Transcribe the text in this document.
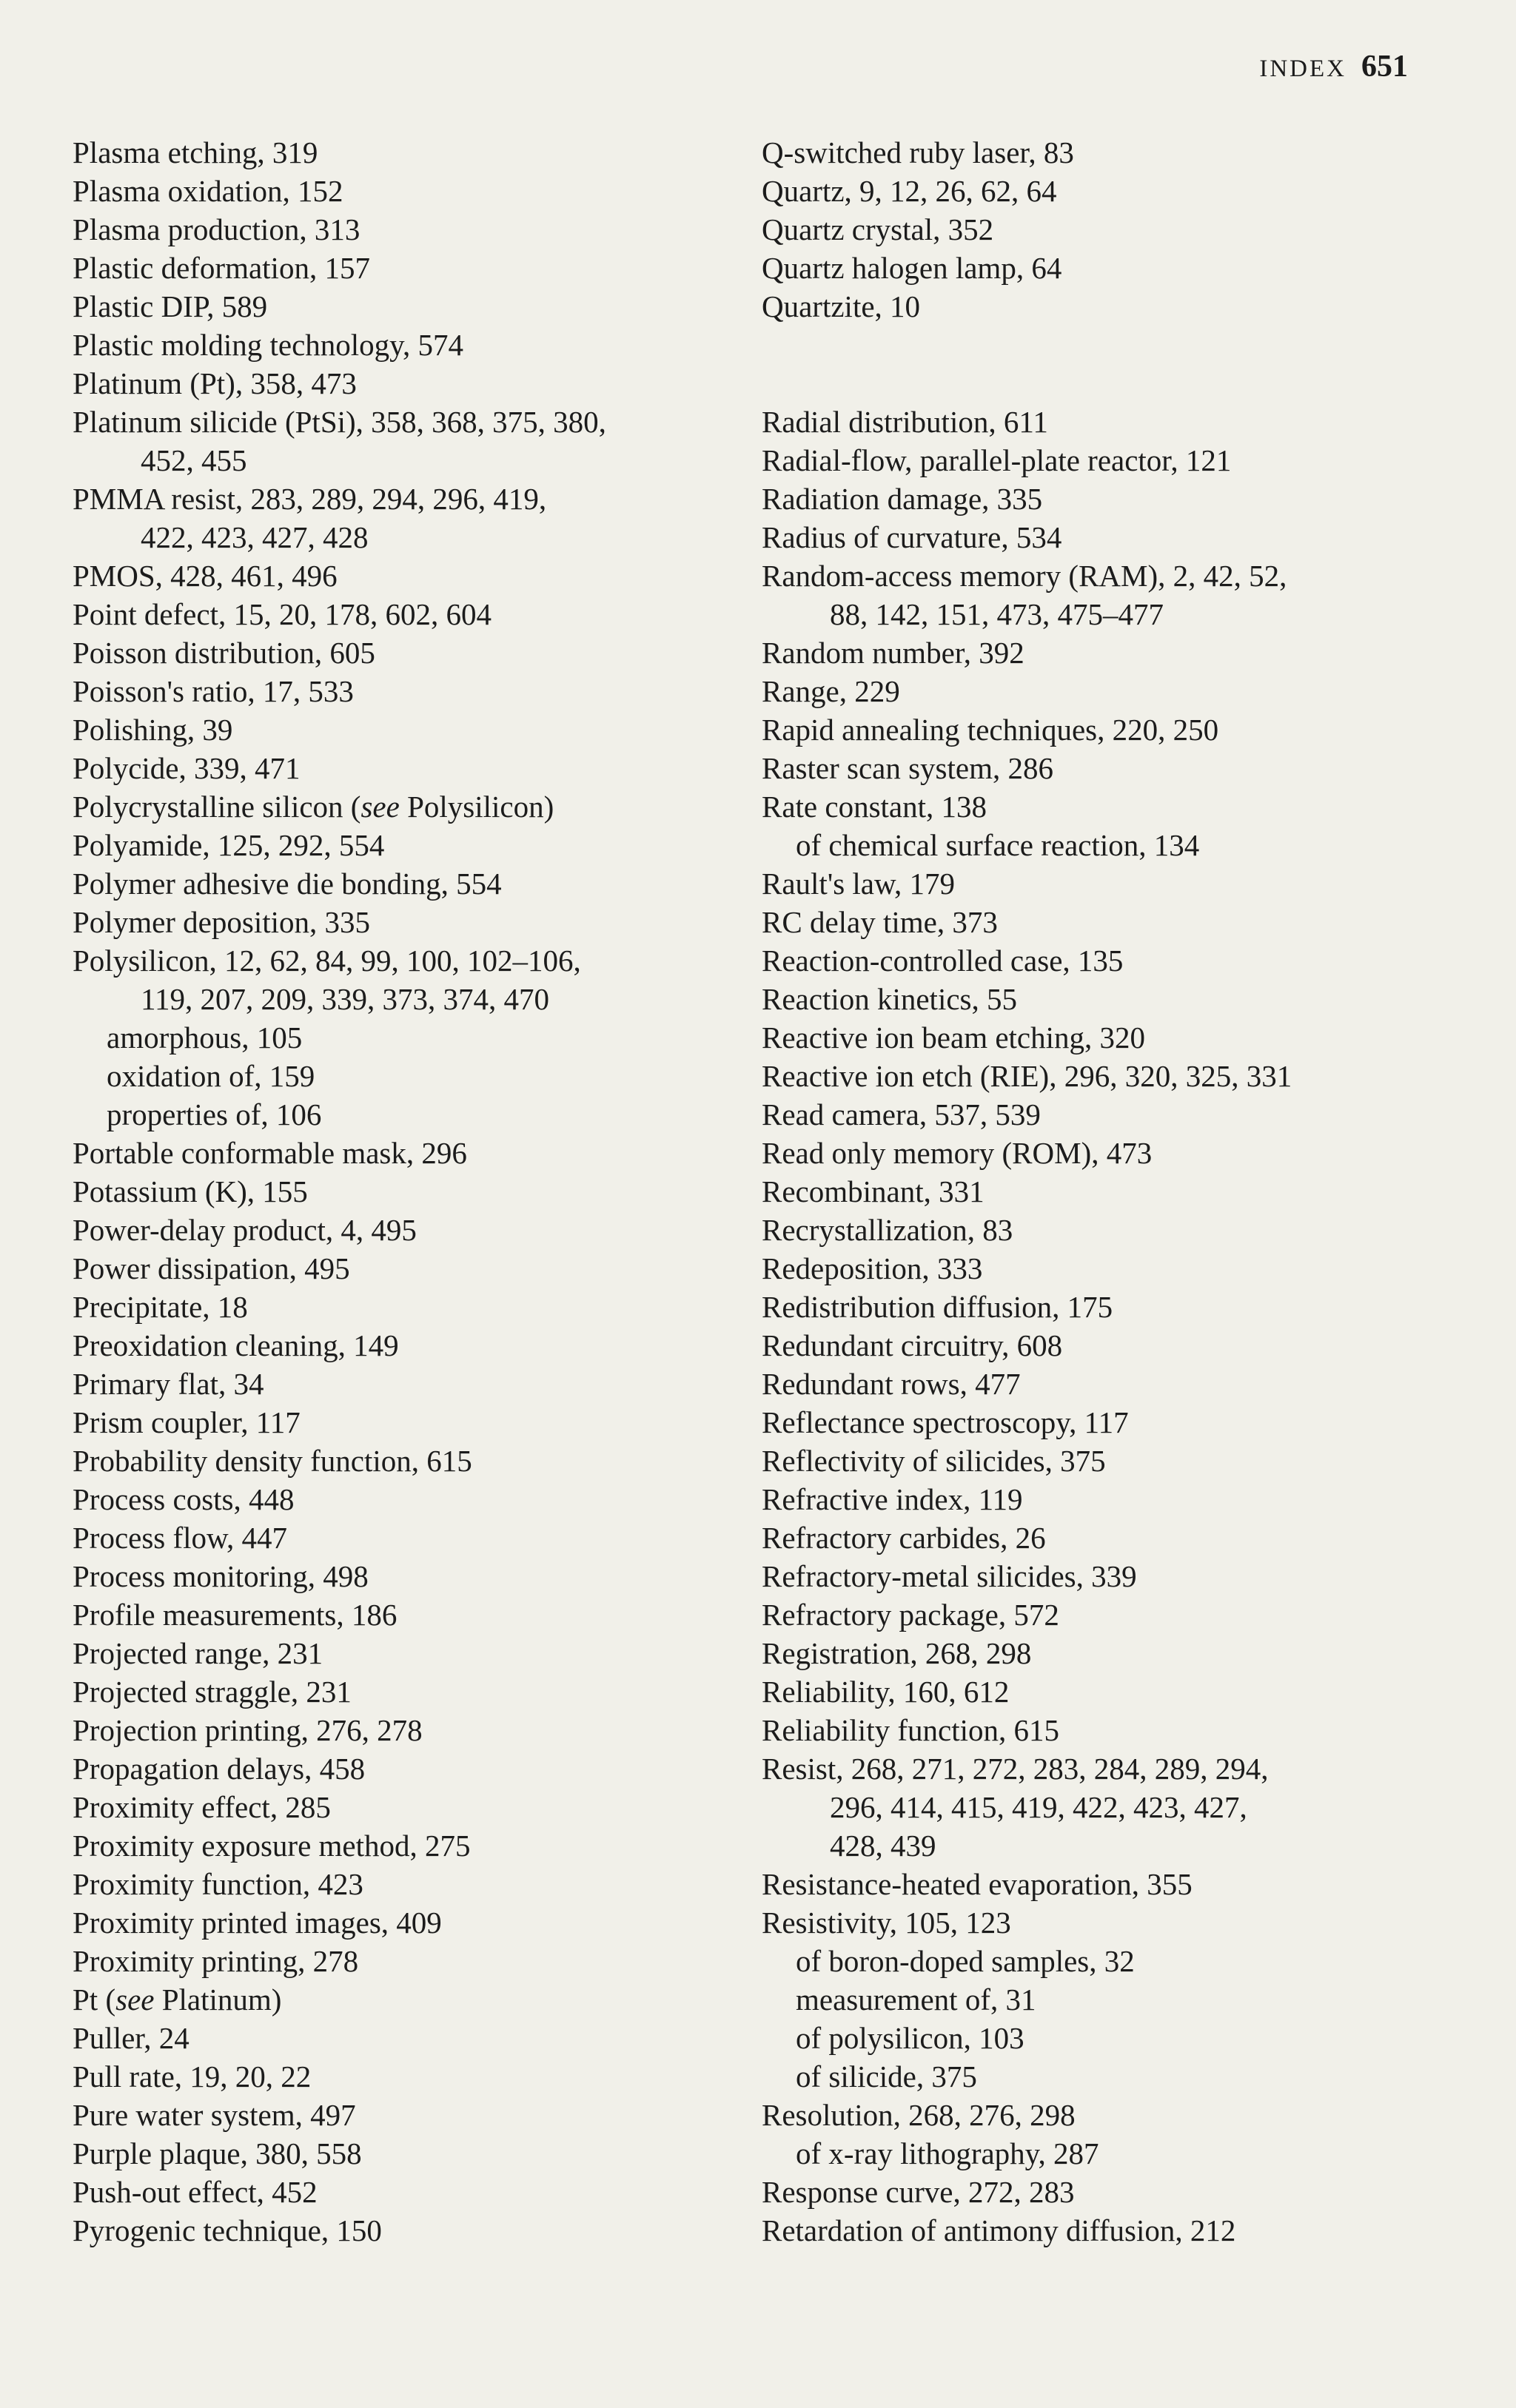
INDEX 651
Plasma etching, 319
Plasma oxidation, 152
Plasma production, 313
Plastic deformation, 157
Plastic DIP, 589
Plastic molding technology, 574
Platinum (Pt), 358, 473
Platinum silicide (PtSi), 358, 368, 375, 380,
452, 455
PMMA resist, 283, 289, 294, 296, 419,
422, 423, 427, 428
PMOS, 428, 461, 496
Point defect, 15, 20, 178, 602, 604
Poisson distribution, 605
Poisson's ratio, 17, 533
Polishing, 39
Polycide, 339, 471
Polycrystalline silicon (see Polysilicon)
Polyamide, 125, 292, 554
Polymer adhesive die bonding, 554
Polymer deposition, 335
Polysilicon, 12, 62, 84, 99, 100, 102–106,
119, 207, 209, 339, 373, 374, 470
amorphous, 105
oxidation of, 159
properties of, 106
Portable conformable mask, 296
Potassium (K), 155
Power-delay product, 4, 495
Power dissipation, 495
Precipitate, 18
Preoxidation cleaning, 149
Primary flat, 34
Prism coupler, 117
Probability density function, 615
Process costs, 448
Process flow, 447
Process monitoring, 498
Profile measurements, 186
Projected range, 231
Projected straggle, 231
Projection printing, 276, 278
Propagation delays, 458
Proximity effect, 285
Proximity exposure method, 275
Proximity function, 423
Proximity printed images, 409
Proximity printing, 278
Pt (see Platinum)
Puller, 24
Pull rate, 19, 20, 22
Pure water system, 497
Purple plaque, 380, 558
Push-out effect, 452
Pyrogenic technique, 150
Q-switched ruby laser, 83
Quartz, 9, 12, 26, 62, 64
Quartz crystal, 352
Quartz halogen lamp, 64
Quartzite, 10
Radial distribution, 611
Radial-flow, parallel-plate reactor, 121
Radiation damage, 335
Radius of curvature, 534
Random-access memory (RAM), 2, 42, 52,
88, 142, 151, 473, 475–477
Random number, 392
Range, 229
Rapid annealing techniques, 220, 250
Raster scan system, 286
Rate constant, 138
of chemical surface reaction, 134
Rault's law, 179
RC delay time, 373
Reaction-controlled case, 135
Reaction kinetics, 55
Reactive ion beam etching, 320
Reactive ion etch (RIE), 296, 320, 325, 331
Read camera, 537, 539
Read only memory (ROM), 473
Recombinant, 331
Recrystallization, 83
Redeposition, 333
Redistribution diffusion, 175
Redundant circuitry, 608
Redundant rows, 477
Reflectance spectroscopy, 117
Reflectivity of silicides, 375
Refractive index, 119
Refractory carbides, 26
Refractory-metal silicides, 339
Refractory package, 572
Registration, 268, 298
Reliability, 160, 612
Reliability function, 615
Resist, 268, 271, 272, 283, 284, 289, 294,
296, 414, 415, 419, 422, 423, 427,
428, 439
Resistance-heated evaporation, 355
Resistivity, 105, 123
of boron-doped samples, 32
measurement of, 31
of polysilicon, 103
of silicide, 375
Resolution, 268, 276, 298
of x-ray lithography, 287
Response curve, 272, 283
Retardation of antimony diffusion, 212
